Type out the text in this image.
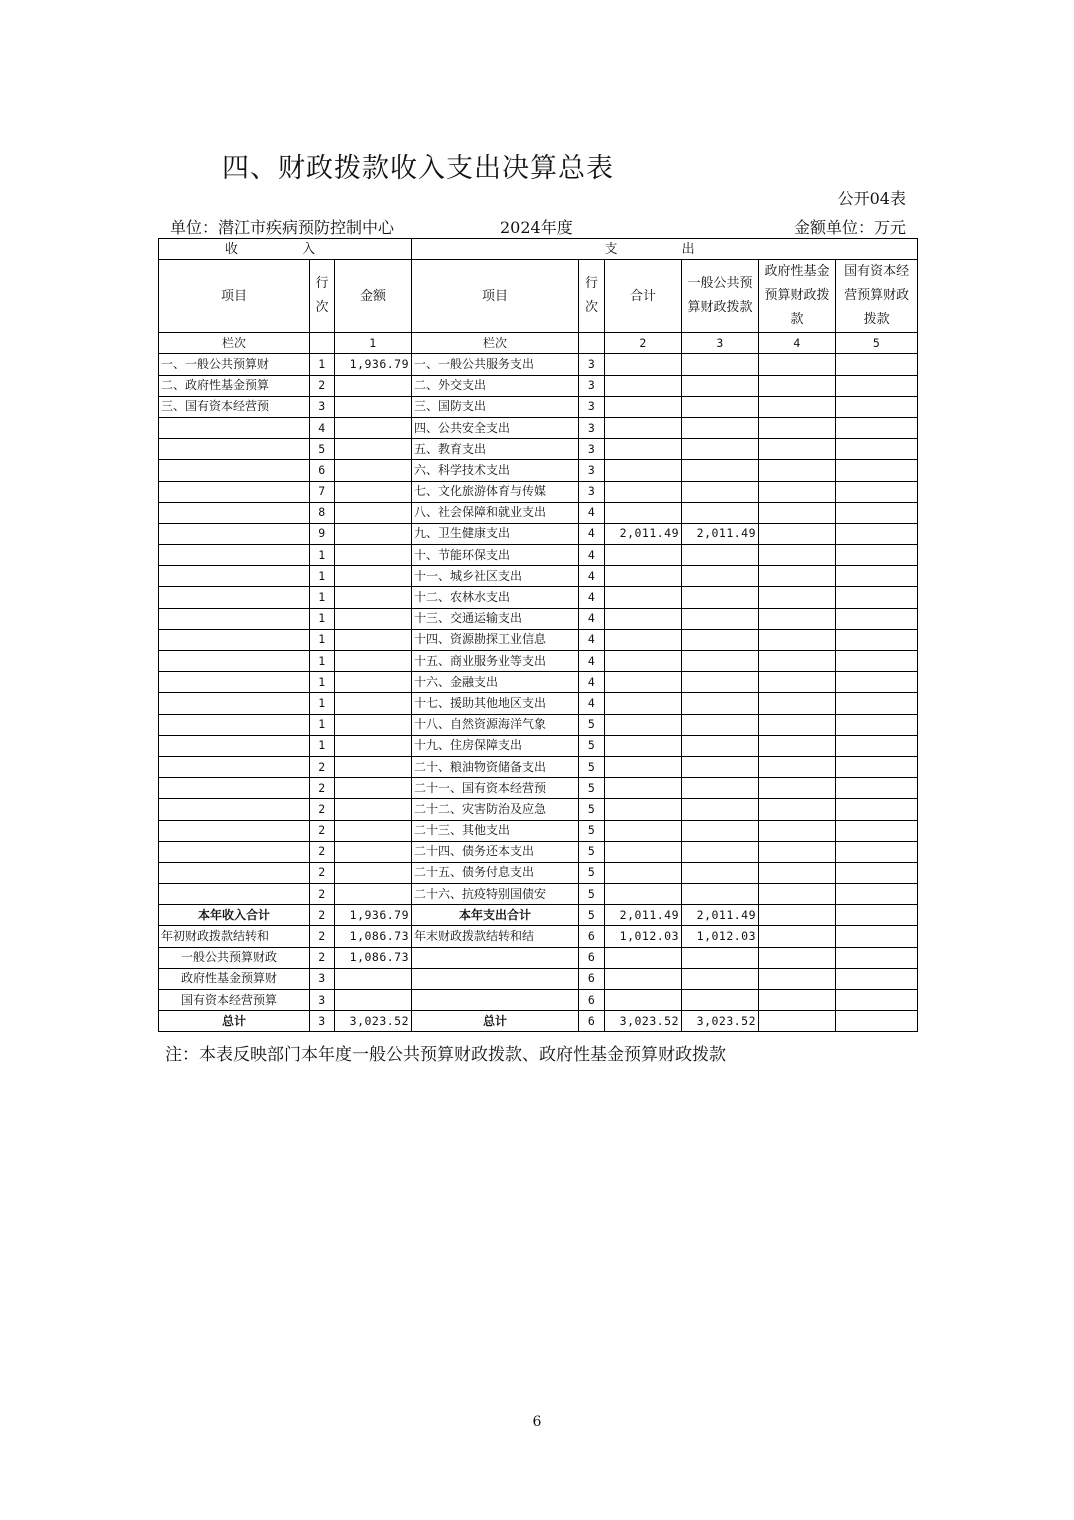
四、财政拨款收入支出决算总表
公开04表
单位：潜江市疾病预防控制中心	2024年度	金额单位：万元
收 入			支 出					
项目	行次	金额	项目	行次	合计	一般公共预算财政拨款	政府性基金预算财政拨款	国有资本经营预算财政拨款
栏次		1	栏次		2	3	4	5
一、一般公共预算财	1	1,936.79	一、一般公共服务支出	3				
二、政府性基金预算	2		二、外交支出	3				
三、国有资本经营预	3		三、国防支出	3				
	4		四、公共安全支出	3				
	5		五、教育支出	3				
	6		六、科学技术支出	3				
	7		七、文化旅游体育与传媒	3				
	8		八、社会保障和就业支出	4				
	9		九、卫生健康支出	4	2,011.49	2,011.49		
	1		十、节能环保支出	4				
	1		十一、城乡社区支出	4				
	1		十二、农林水支出	4				
	1		十三、交通运输支出	4				
	1		十四、资源勘探工业信息	4				
	1		十五、商业服务业等支出	4				
	1		十六、金融支出	4				
	1		十七、援助其他地区支出	4				
	1		十八、自然资源海洋气象	5				
	1		十九、住房保障支出	5				
	2		二十、粮油物资储备支出	5				
	2		二十一、国有资本经营预	5				
	2		二十二、灾害防治及应急	5				
	2		二十三、其他支出	5				
	2		二十四、债务还本支出	5				
	2		二十五、债务付息支出	5				
	2		二十六、抗疫特别国债安	5				
本年收入合计	2	1,936.79	本年支出合计	5	2,011.49	2,011.49		
年初财政拨款结转和	2	1,086.73	年末财政拨款结转和结	6	1,012.03	1,012.03		
一般公共预算财政	2	1,086.73		6				
政府性基金预算财	3			6				
国有资本经营预算	3			6				
总计	3	3,023.52	总计	6	3,023.52	3,023.52		
注：本表反映部门本年度一般公共预算财政拨款、政府性基金预算财政拨款
6
